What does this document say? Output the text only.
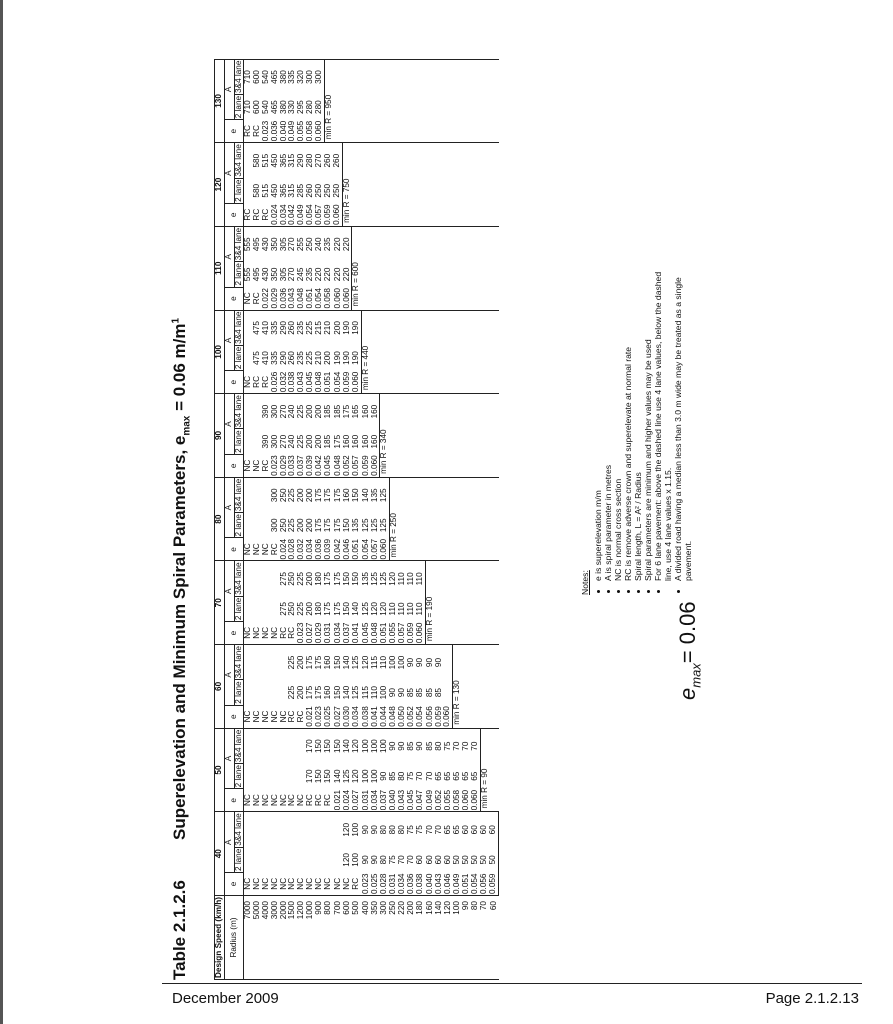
Table 2.1.2.6Superelevation and Minimum Spiral Parameters, $e_{max} = 0.06$ $m/m^1$
Design Speed (km/h)	40			50			60			70			80			90			100			110			120			130		
Radius (m)	e	A		e	A		e	A		e	A		e	A		e	A		e	A		e	A		e	A		e	A	
		2 lane	3&4 lane		2 lane	3&4 lane		2 lane	3&4 lane		2 lane	3&4 lane		2 lane	3&4 lane		2 lane	3&4 lane		2 lane	3&4 lane		2 lane	3&4 lane		2 lane	3&4 lane		2 lane	3&4 lane
7000	NC			NC			NC			NC			NC			NC			NC			NC	555	555	RC			RC	710	710
5000	NC			NC			NC			NC			NC			NC			RC	475	475	RC	495	495	RC	580	580	RC	600	600
4000	NC			NC			NC			NC			NC			RC	390	390	RC	410	410	0.022	430	430	RC	515	515	0.023	540	540
3000	NC			NC			NC			NC			RC	300	300	0.023	300	300	0.026	335	335	0.029	350	350	0.024	450	450	0.036	465	465
2000	NC			NC			NC			RC	275	275	0.024	250	250	0.029	270	270	0.032	290	290	0.036	305	305	0.034	365	365	0.040	380	380
1500	NC			NC			RC	225	225	RC	250	250	0.028	225	225	0.033	240	240	0.038	260	260	0.043	270	270	0.042	315	315	0.049	330	335
1200	NC			NC			RC	200	200	0.023	225	225	0.032	200	200	0.037	225	225	0.043	235	235	0.048	245	255	0.049	285	290	0.055	295	320
1000	NC			RC	170	170	0.021	175	175	0.027	200	200	0.034	200	200	0.039	200	200	0.045	225	225	0.051	235	250	0.054	260	280	0.058	280	300
900	NC			RC	150	150	0.023	175	175	0.029	180	180	0.036	175	175	0.042	200	200	0.048	210	215	0.054	220	240	0.057	250	270	0.060	280	300
800	NC			RC	150	150	0.025	160	160	0.031	175	175	0.039	175	175	0.045	185	185	0.051	200	210	0.058	220	235	0.059	250	260	min R = 950		
700	NC			0.021	140	150	0.027	150	150	0.034	175	175	0.042	175	175	0.048	175	185	0.054	190	200	0.060	220	220	0.060	250	260			
600	NC	120	120	0.024	125	140	0.030	140	140	0.037	150	150	0.046	150	160	0.052	160	175	0.059	190	190	0.060	220	220	min R = 750					
500	RC	100	100	0.027	120	120	0.034	125	125	0.041	140	150	0.051	135	150	0.057	160	165	0.060	190	190	min R = 600								
400	0.023	90	90	0.031	100	100	0.038	115	120	0.045	125	135	0.054	125	140	0.059	160	160	min R = 440											
350	0.025	90	90	0.034	100	100	0.041	110	115	0.048	120	125	0.057	125	135	0.060	160	160												
300	0.028	80	80	0.037	90	100	0.044	100	110	0.051	120	125	0.060	125	125	min R = 340														
250	0.031	75	80	0.040	85	90	0.048	90	100	0.055	110	120	min R = 250																	
220	0.034	70	80	0.043	80	90	0.050	90	100	0.057	110	110																		
200	0.036	70	75	0.045	75	85	0.052	85	90	0.059	110	110																		
180	0.038	60	75	0.047	70	90	0.054	85	90	0.060	110	110																		
160	0.040	60	70	0.049	70	85	0.056	85	90	min R = 190																				
140	0.043	60	70	0.052	65	80	0.059	85	90																					
120	0.046	60	65	0.055	65	75	0.060																							
100	0.049	50	65	0.058	65	70	min R = 130																							
90	0.051	50	60	0.060	65	70																								
80	0.054	50	60	0.060	65	70																								
70	0.056	50	60	min R = 90																										
60	0.059	50	60																											
Notes:
• e is superelevation m/m • A is spiral parameter in metres • NC is normal cross section • RC is remove adverse crown and superelevate at normal rate • Spiral length, L = A² / Radius • Spiral parameters are minimum and higher values may be used • For 6 lane pavement: above the dashed line use 4 lane values, below the dashed line, use 4 lane values x 1.15. • A divided road having a median less than 3.0 m wide may be treated as a single pavement.
$e_{max}= 0.06$
December 2009	Page 2.1.2.13
